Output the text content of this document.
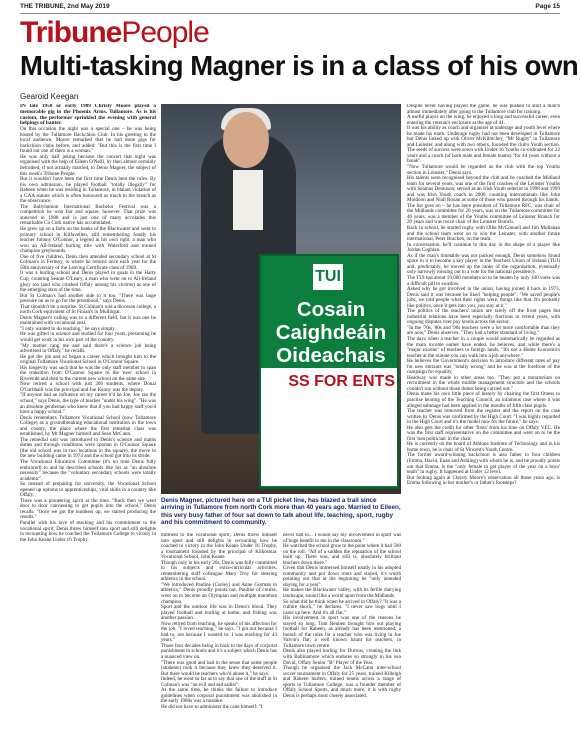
THE TRIBUNE, 2nd May 2019	Page 15
Tribune People
Multi-tasking Magner is in a class of his own
Gearoid Keegan

IN late 1958 or early 1989 Christy Moore played a memorable gig in the Phoenix Arms, Tullamore. As is his custom, the performer sprinkled the evening with general helpings of banter.

On this occasion the night was a special one – he was being hosted by the Tullamore Backchion Club. In his greeting to the local audience, Moore remarked that he had done gigs for backchion clubs before, and added: "But this is the first time I found out one of them is a woman."

He was only half joking because the concert that night was organised with the help of Eileen O'Neill, by then almost certainly betrothed, if not actually married, to Denis Magner, the subject of this week's Tribune People.

But it wouldn't have been the first time Denis bent the rules. By his own admission, he played football "totally illegally" for Raheen when he was residing in Tullamore, in blatant violation of a GAA statute which is often honoured as much in the breach as the observance.

The Ballybunion International Bachelor Festival was a competition he won fair and square, however. That prize was annexed in 1988 and is just one of many accolades this remarkable Co Cork native has accumulated.

He grew up on a farm on the banks of the Blackwater and went to primary school in Kilfavellen, still remembering fondly his teacher Johnny O'Connor, a legend in his own right, a man who won an All-Ireland hurling title with Waterford and trained champion greyhounds.

One of five children, Denis then attended secondary school at St Colman's in Fermoy, to where he returns once each year for the 50th anniversary of the Leaving Certificate class of 1969.

It was a hurling school and Denis played in goals in the Harty Cup, counting Seanie O'Leary, a man who went on to All-Ireland glory too (and who crushed Offaly among his victims) as one of the emerging stars of the time.

But St Colman's had another side to it too. "There was huge pressure on us to go for the priesthood," says Denis.

That shouldn't be a surprise. St Colman's was a diocesan college, a north Cork equivalent of St Finian's in Mullingar.

Denis Magner's calling was to a different field, but it was one he maintained with vocational zeal.

"I only wanted to do teaching," he says simply.

He was gifted in science and studied for four years, presuming he would get work in his own part of the country.

"My mother rang me and said there's a science job being advertised in Offaly," he recalls.

He got the job and so began a career which brought him to the original Tullamore Vocational School in O'Connor Square.

His longevity was such that he was the only staff member to span the transition from O'Connor Square to the 'new' school in Riverside and then to the current new school on the same site.

Now retired a school with just 200 students, where Donal O'Carbhaill was the principal and Joe Kenny was the deputy.

"If anyone had an influence on my career it'd be Joe, Joe ran the school," says Denis, the type of teacher "under his wing". "He was an absolute gentleman who knew that if you had happy staff you'd have a happy school."

Denis remembers Tullamore Vocational School (now Tullamore College) as a groundbreaking educational institution in the town and county, the place where the first remedial class was established, by Mr Magner himself and Sean McCann.

The remedial unit was introduced to Denis's science and maths duties and through conditions were spartan in O'Connor Square (the old school was in two locations in the square), the move to the new building came in 1974 and the school got into its stride.

The Vocational Education Committee (it's no time Denis fully embraced) to and he described schools like his as "an absolute necessity" because the "voluntary secondary schools were totally academic".

So instead of preparing for university, the Vocational School opened up options to apprenticeships, vital skills in a country like Offaly.

There was a pioneering spirit at the time. "Back then we went door to door canvassing to get pupils into the school," Denis recalls. "Once we got the numbers up, we started producing the results."

Parallel with his love of teaching and his commitment to the vocational spirit, Denis threw himself into sport and still delights in recounting how he coached the Tullamore College to victory in the John Keane Under 16 Trophy.

TUI
Cosain Caighdeáin Oideachais
SS FOR ENTS
Denis Magner, pictured here on a TUI picket line, has blazed a trail since arriving in Tullamore from north Cork more than 40 years ago. Married to Eileen, this very busy father of four sat down to talk about life, teaching, sport, rugby and his commitment to community.

mitment to the vocational spirit, Denis threw himself into sport and still delights in recounting how he coached to victory in the John Keane Under 16 Trophy, a tournament founded by the principal of Kilkormac Vocational School, John Keane.

Though only in his early 20s, Denis was fully committed to his subjects and extra-curricular activities, remembering staff colleague Mary Troy for steering athletics in the school.

"We introduced Pauline (Curley) and Anne Gorman to athletics," Denis proudly points out. Pauline of course, went on to become an Olympian and multiple marathon champion.

Sport and the outdoor life was in Denis's blood. They played football and hurling at home, and fishing was another passion.

Now retired from teaching, he speaks of his affection for the job. "I loved teaching," he says. "I got out because I had to, not because I wanted to. I was teaching for 43 years."

Those four decades being in back to the days of corporal punishment in schools and it's a subject which Denis has a nuanced view on.

"There was good and bad in the sense that some people (students) took it because they knew they deserved it. But there would be teachers who'd abuse it," he says.

Indeed, he went so far as to say that one of the staff in St Colman's was "an evil and sad sadist".

At the same time, he thinks the failure to introduce guidelines when corporal punishment was abolished in the early 1980s was a mistake.

He did not have to administer the cane himself: "I

never had to... I would say my involvement in sport was of huge benefit to me in the classroom."

He watched the school grow to the point where it had 500 on the roll. "All of a sudden the reputation of the school built up. There was, and still is, absolutely brilliant teachers down there."

Given that Denis immersed himself totally in his adopted community and put down roots and stayed, it's worth pointing out that at the beginning he "only intended staying for a year".

He makes the Blackwater valley, with its fertile dairying landscape, sound like a world apart from the Midlands.

So what did he think when he arrived in Offaly? "It was a culture shock," he declares. "I never saw bogs until I came up here. And it's all flat."

His involvement in sport was one of the reasons he stayed so long. Tom Reuben brought him out playing football for Raheen, as already has been mentioned, a breach of the rules for a teacher who was living in Joe Valvin's flat, a well known haunt for teachers, in Tullamore town centre.

Denis also played hurling for Durrow, creating the link with Ballinamore which endures so strongly in his son David, Offaly Senior "B" Player of the Year.

Though he organised the Jack McCann inter-school soccer tournament in Offaly for 25 years, trained Killeigh and Raheen hurlers, trained teams across a range of sports in Tullamore College, was a founder member of Offaly School Sports, and much more, it is with rugby Denis is perhaps most closely associated.

Despite never having played the game, he was pushed to start a match almost immediately after going to the Tullamore club for training.

A useful player on the wing, he enjoyed a long and successful career, even entering the veteran's enclosure at the age of 41.

It was his ability as coach and organiser at underage and youth level where he made his mark. Underage rugby had not been developed in Tullamore but Denis linked up with Oliver McKilmchey, "Mr Rugby" in Tullamore and Leinster, and along with two others, founded the club's Youth section. The seeds of success were sown with Under 16 Youths co-ordinated for 22 years and a coach (of both male and female teams) "for 44 years without a break".

"Now Tullamore would be regarded as the club with the top Youths section in Leinster," Denis says.

His talents were recognised beyond the club and he coached the Midland team for several years, was one of the first coaches of the Leinster Youths with Seamus Dennison, served as an Irish Youth selector in 1998 and 1999 and was Irish Youth coach in 2000, counting internationals like John Muldoon and Niall Ronan as some of those who passed through his hands.

The list goes on – he has been president of Tullamore RFC, was chair of the Midlands committee for 20 years, was on the Tullamore committee for 40 years, was a member of the Youths committee of Leinster Branch for 20 years and was twice chair of the Leinster Branch.

Back in school, he started rugby with Ollie McConnell and Jim Mollahan and the school team went on to win the Leinster, with another future international, Peter Bracken, on the team.

In conversation, he'll continue to this day in the shape of a player like Jordan Coghlan.

As if the man's timetable was not packed enough, Denis somehow found space in it to become a key player in the Teachers Union of Ireland (TUI) and, predictably, he moved up the ranks of the organisation, eventually only narrowly missing out in a vote for the national presidency.

The TUI has about 19,000 members so to be beaten by only 100 votes was a difficult pill to swallow.

Asked why he got involved in the union, having joined it back in 1973, Denis said it was because he liked "helping people". "We saved people's jobs, we told people what their rights were, things like that. It's probably like politics, once it gets into you, you stay at it."

The politics of the teachers' union are rarely off the front pages but industrial relations have been especially fractious in recent years, with ongoing disputes over pay levels across the sector.

"In the '70s, '80s and '90s teachers were a lot more comfortable than they are now," Denis observes. "They had a better standard of living."

The days when a teacher in a couple would automatically be regarded as the main income earner have ended, he believes, and while there's a "major exodus" of teachers to foreign lands, "It's not a Home Economics teacher at the minute you can walk into a job anywhere."

He believes the Government's decision to introduce different rates of pay for new entrants was "totally wrong" and he was at the forefront of the campaign for equality.

Headway was made in other areas too. "They put a moratorium on recruitment in the whole middle management structure and the schools couldn't run without those duties being carried out."

Denis made his own little piece of history by chairing the first fitness to practise hearing of the Teaching Council, an infamous case where it was alleged sabotage had been applied to the mouths of fifth class pupils.

The teacher was removed from the register and the report on the case written by Denis was confirmed by the High Court. "I was highly regarded in the High Court and it's the model now for the future," he says.

He also gets the credit for other 'firsts' from his time on Offaly VEC. He was the first staff representative on the committee and went on to be the first 'non politician' in the chair.

He is currently on the board of Athlone Institute of Technology and in his home town, he is chair of St Vincent's Youth Centre.

The former award-winning backchion is also father to four children (Emma, David, Euan and Ashling) with whom he is, and he proudly points out that Emma, is the "only female to get player of the year on a boys' team" in rugby. It happened at Under 12 level.

But looking again at Christy Moore's observation all those years ago, is Emma following in her mother's or father's footsteps?
